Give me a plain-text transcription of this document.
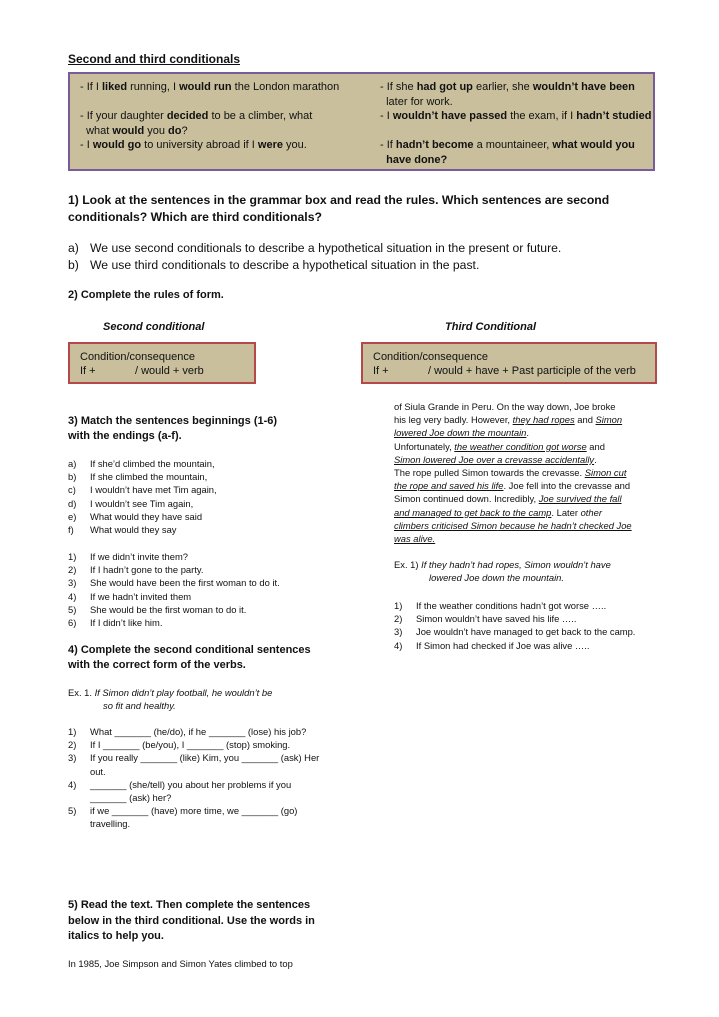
Second and third conditionals
- If I liked running, I would run the London marathon
- If your daughter decided to be a climber, what
what would you do?
- I would go to university abroad if I were you.
- If she had got up earlier, she wouldn’t have been
later for work.
- I wouldn’t have passed the exam, if I hadn’t studied
- If hadn’t become a mountaineer, what would you
have done?
1) Look at the sentences in the grammar box and read the rules. Which sentences are second conditionals? Which are third conditionals?
a) We use second conditionals to describe a hypothetical situation in the present or future.
b) We use third conditionals to describe a hypothetical situation in the past.
2) Complete the rules of form.
Second conditional	Third Conditional
Condition/consequence
If +	/ would + verb
Condition/consequence
If +	/ would + have + Past participle of the verb
3) Match the sentences beginnings (1-6) with the endings (a-f).
a)	If she’d climbed the mountain,
b)	If she climbed the mountain,
c)	I wouldn’t have met Tim again,
d)	I wouldn’t see Tim again,
e)	What would they have said
f)	What would they say
1)	If we didn’t invite them?
2)	If I hadn’t gone to the party.
3)	She would have been the first woman to do it.
4)	If we hadn’t invited them
5)	She would be the first woman to do it.
6)	If I didn’t like him.
4) Complete the second conditional sentences with the correct form of the verbs.
Ex. 1. If Simon didn’t play football, he wouldn’t be
so fit and healthy.
1)	What _______ (he/do), if he _______ (lose) his job?
2)	If I _______ (be/you), I _______ (stop) smoking.
3)	If you really _______ (like) Kim, you _______ (ask) Her out.
4)	_______ (she/tell) you about her problems if you _______ (ask) her?
5)	if we _______ (have) more time, we _______ (go) travelling.
5) Read the text. Then complete the sentences below in the third conditional. Use the words in italics to help you.
In 1985, Joe Simpson and Simon Yates climbed to top
of Siula Grande in Peru. On the way down, Joe broke
his leg very badly. However, they had ropes and Simon
lowered Joe down the mountain.
Unfortunately, the weather condition got worse and
Simon lowered Joe over a crevasse accidentally.
The rope pulled Simon towards the crevasse. Simon cut
the rope and saved his life. Joe fell into the crevasse and
Simon continued down. Incredibly, Joe survived the fall
and managed to get back to the camp. Later other
climbers criticised Simon because he hadn’t checked Joe
was alive.
Ex. 1) If they hadn’t had ropes, Simon wouldn’t have
lowered Joe down the mountain.
1)	If the weather conditions hadn’t got worse …..
2)	Simon wouldn’t have saved his life …..
3)	Joe wouldn’t have managed to get back to the camp.
4)	If Simon had checked if Joe was alive …..
